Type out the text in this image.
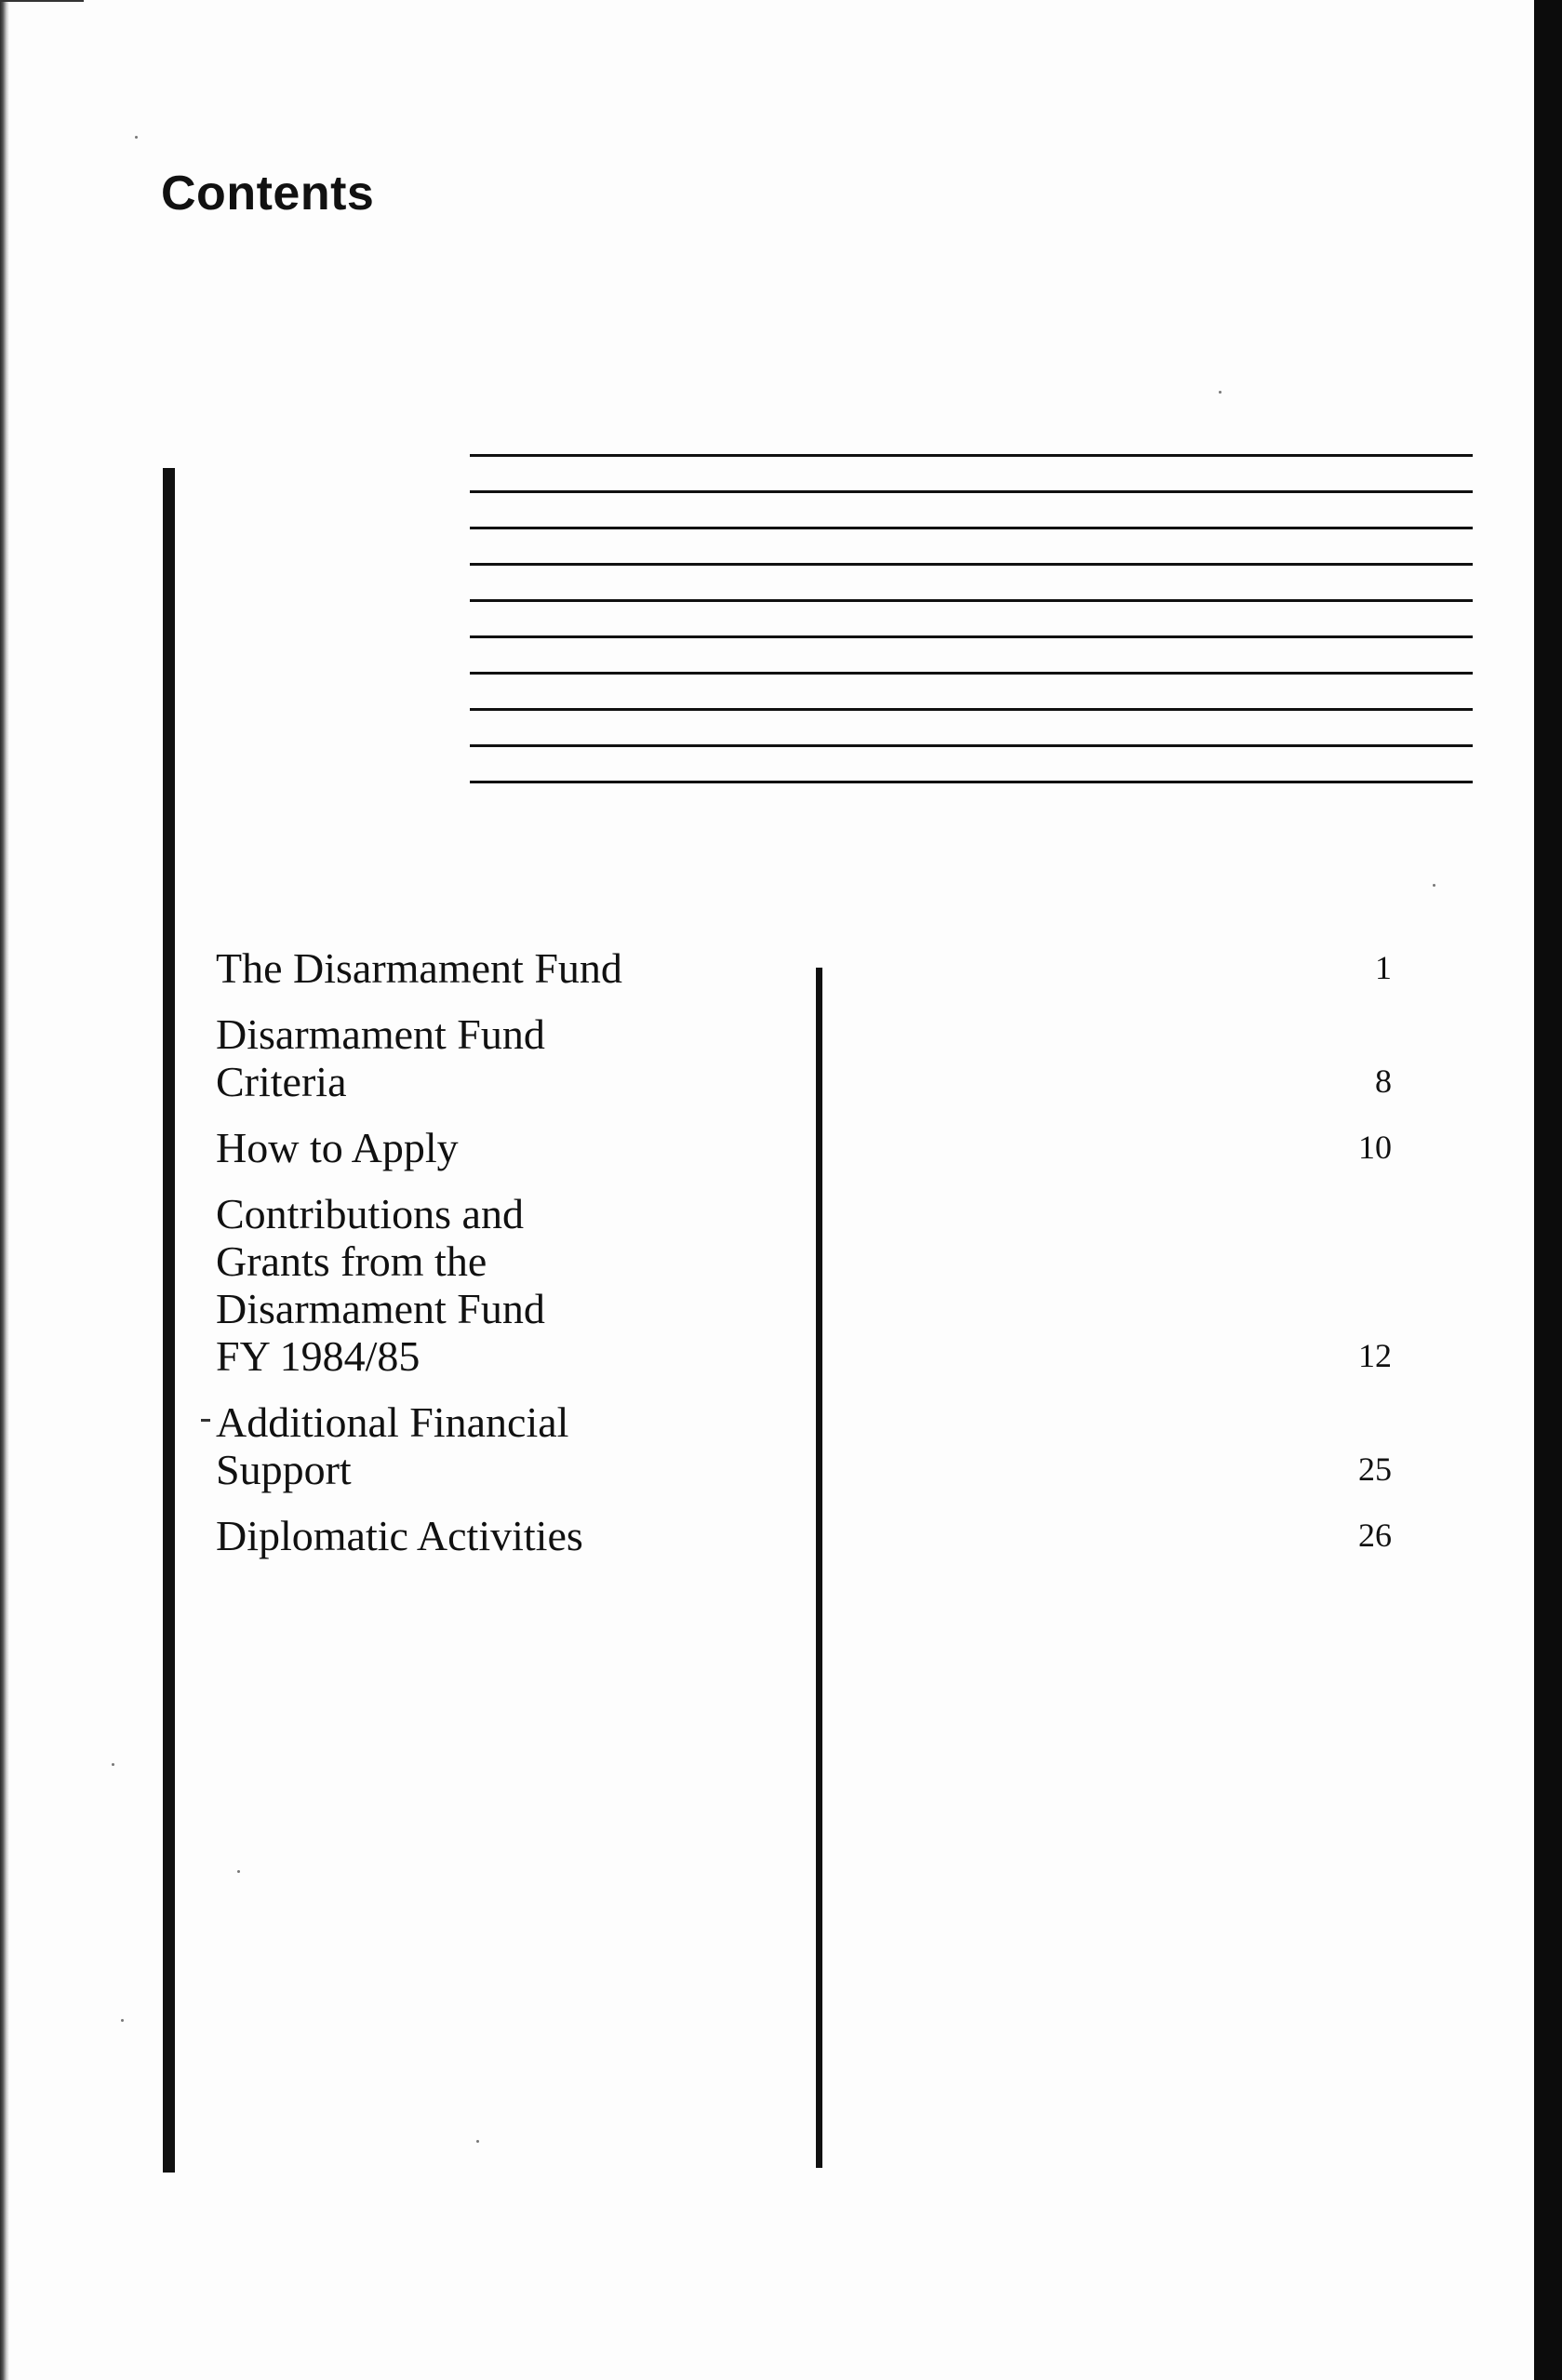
Contents
The Disarmament Fund	1
Disarmament Fund
Criteria	8
How to Apply	10
Contributions and
Grants from the
Disarmament Fund
FY 1984/85	12
Additional Financial
Support	25
Diplomatic Activities	26
